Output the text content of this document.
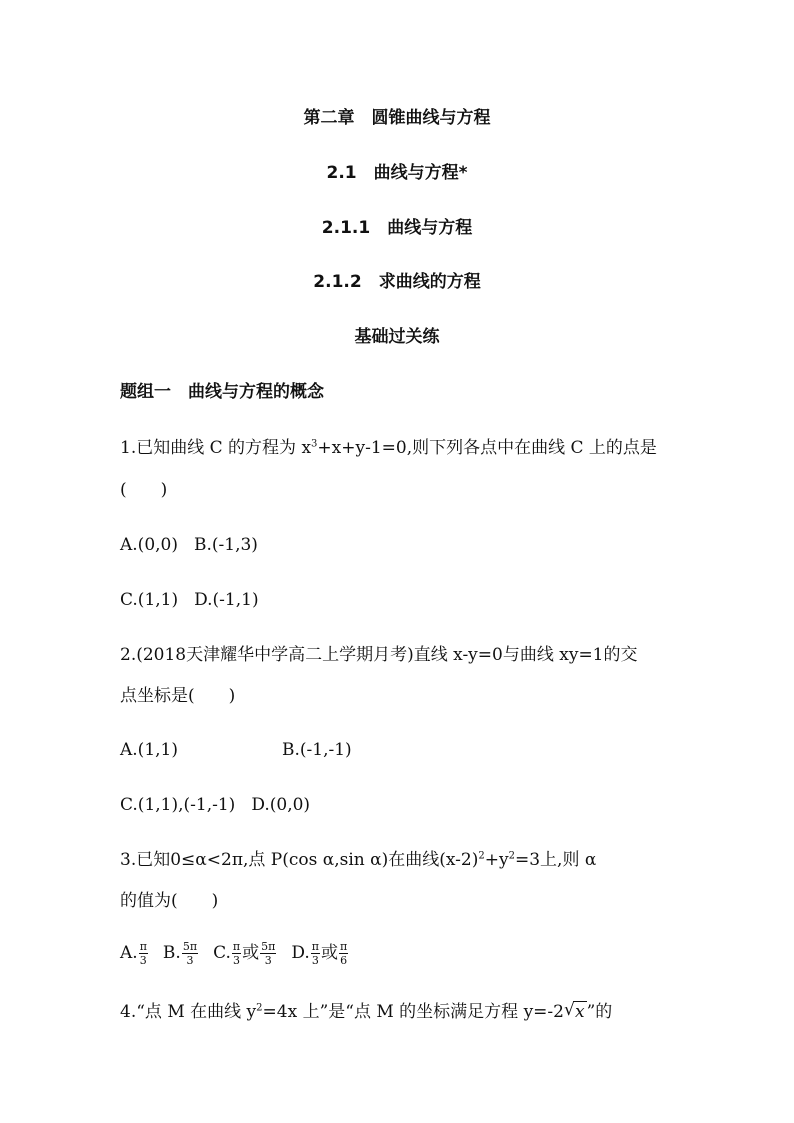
第二章　圆锥曲线与方程
2.1　曲线与方程*
2.1.1　曲线与方程
2.1.2　求曲线的方程
基础过关练

题组一　曲线与方程的概念

1.已知曲线 C 的方程为 $x^3+x+y-1=0$,则下列各点中在曲线 C 上的点是

(　　)

A.(0,0) B.(-1,3)

C.(1,1) D.(-1,1)

2.(2018天津耀华中学高二上学期月考)直线 x-y=0与曲线 xy=1的交

点坐标是(　　)

A.(1,1)	B.(-1,-1)

C.(1,1),(-1,-1) D.(0,0)

3.已知0≤α<2π,点 P(cos α,sin α)在曲线$(x-2)^2+y^2=3$上,则 α

的值为(　　)

A. $\frac{\pi}{3} B$. $\frac{5\pi}{3} C$. $\frac{\pi}{3}$ 或 $\frac{5\pi}{3} D$. $\frac{\pi}{3}$ 或 $\frac{\pi}{6}$

4.“点 M 在曲线 $y^2=4x$ 上”是“点 M 的坐标满足方程 y=-2 √ x ”的
